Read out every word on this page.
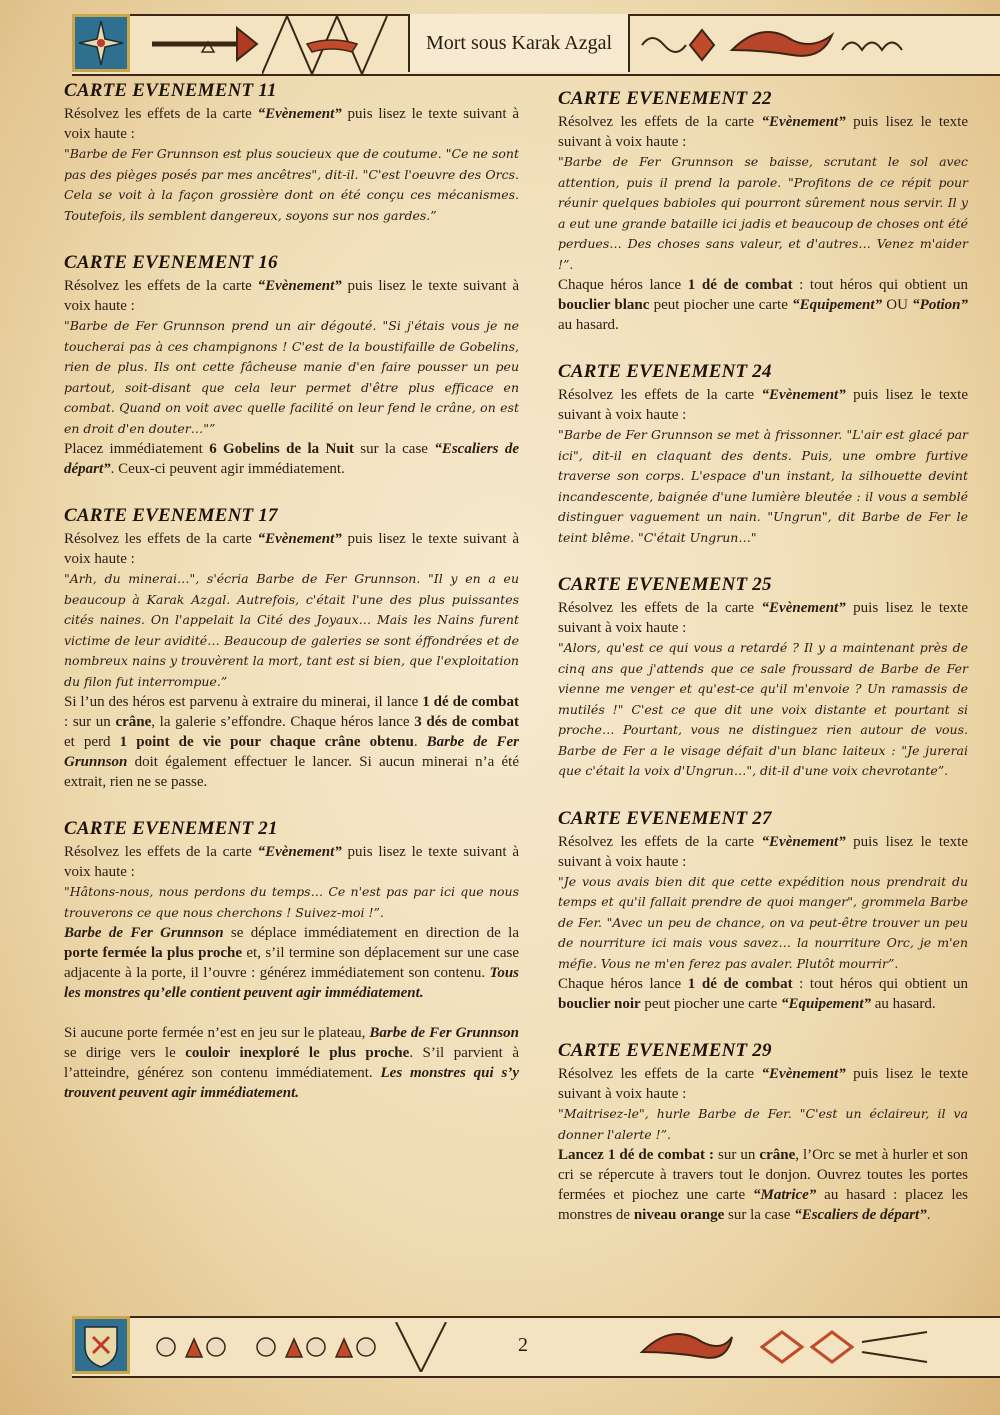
Mort sous Karak Azgal
CARTE EVENEMENT 11

Résolvez les effets de la carte “Evènement” puis lisez le texte suivant à voix haute :

"Barbe de Fer Grunnson est plus soucieux que de coutume. "Ce ne sont pas des pièges posés par mes ancêtres", dit-il. "C'est l'oeuvre des Orcs. Cela se voit à la façon grossière dont on été conçu ces mécanismes. Toutefois, ils semblent dangereux, soyons sur nos gardes.”

CARTE EVENEMENT 16

Résolvez les effets de la carte “Evènement” puis lisez le texte suivant à voix haute :

"Barbe de Fer Grunnson prend un air dégouté. "Si j'étais vous je ne toucherai pas à ces champignons ! C'est de la boustifaille de Gobelins, rien de plus. Ils ont cette fâcheuse manie d'en faire pousser un peu partout, soit-disant que cela leur permet d'être plus efficace en combat. Quand on voit avec quelle facilité on leur fend le crâne, on est en droit d'en douter…"”

Placez immédiatement 6 Gobelins de la Nuit sur la case “Escaliers de départ”. Ceux-ci peuvent agir immédiatement.

CARTE EVENEMENT 17

Résolvez les effets de la carte “Evènement” puis lisez le texte suivant à voix haute :

"Arh, du minerai…", s'écria Barbe de Fer Grunnson. "Il y en a eu beaucoup à Karak Azgal. Autrefois, c'était l'une des plus puissantes cités naines. On l'appelait la Cité des Joyaux… Mais les Nains furent victime de leur avidité… Beaucoup de galeries se sont éffondrées et de nombreux nains y trouvèrent la mort, tant est si bien, que l'exploitation du filon fut interrompue.”

Si l’un des héros est parvenu à extraire du minerai, il lance 1 dé de combat : sur un crâne, la galerie s’effondre. Chaque héros lance 3 dés de combat et perd 1 point de vie pour chaque crâne obtenu. Barbe de Fer Grunnson doit également effectuer le lancer. Si aucun minerai n’a été extrait, rien ne se passe.

CARTE EVENEMENT 21

Résolvez les effets de la carte “Evènement” puis lisez le texte suivant à voix haute :

"Hâtons-nous, nous perdons du temps… Ce n'est pas par ici que nous trouverons ce que nous cherchons ! Suivez-moi !”.

Barbe de Fer Grunnson se déplace immédiatement en direction de la porte fermée la plus proche et, s’il termine son déplacement sur une case adjacente à la porte, il l’ouvre : générez immédiatement son contenu. Tous les monstres qu’elle contient peuvent agir immédiatement.

Si aucune porte fermée n’est en jeu sur le plateau, Barbe de Fer Grunnson se dirige vers le couloir inexploré le plus proche. S’il parvient à l’atteindre, générez son contenu immédiatement. Les monstres qui s’y trouvent peuvent agir immédiatement.

CARTE EVENEMENT 22

Résolvez les effets de la carte “Evènement” puis lisez le texte suivant à voix haute :

"Barbe de Fer Grunnson se baisse, scrutant le sol avec attention, puis il prend la parole. "Profitons de ce répit pour réunir quelques babioles qui pourront sûrement nous servir. Il y a eut une grande bataille ici jadis et beaucoup de choses ont été perdues… Des choses sans valeur, et d'autres… Venez m'aider !”.

Chaque héros lance 1 dé de combat : tout héros qui obtient un bouclier blanc peut piocher une carte “Equipement” OU “Potion” au hasard.

CARTE EVENEMENT 24

Résolvez les effets de la carte “Evènement” puis lisez le texte suivant à voix haute :

"Barbe de Fer Grunnson se met à frissonner. "L'air est glacé par ici", dit-il en claquant des dents. Puis, une ombre furtive traverse son corps. L'espace d'un instant, la silhouette devint incandescente, baignée d'une lumière bleutée : il vous a semblé distinguer vaguement un nain. "Ungrun", dit Barbe de Fer le teint blême. "C'était Ungrun…"

CARTE EVENEMENT 25

Résolvez les effets de la carte “Evènement” puis lisez le texte suivant à voix haute :

"Alors, qu'est ce qui vous a retardé ? Il y a maintenant près de cinq ans que j'attends que ce sale froussard de Barbe de Fer vienne me venger et qu'est-ce qu'il m'envoie ? Un ramassis de mutilés !" C'est ce que dit une voix distante et pourtant si proche… Pourtant, vous ne distinguez rien autour de vous. Barbe de Fer a le visage défait d'un blanc laiteux : "Je jurerai que c'était la voix d'Ungrun…", dit-il d'une voix chevrotante”.

CARTE EVENEMENT 27

Résolvez les effets de la carte “Evènement” puis lisez le texte suivant à voix haute :

"Je vous avais bien dit que cette expédition nous prendrait du temps et qu'il fallait prendre de quoi manger", grommela Barbe de Fer. "Avec un peu de chance, on va peut-être trouver un peu de nourriture ici mais vous savez… la nourriture Orc, je m'en méfie. Vous ne m'en ferez pas avaler. Plutôt mourrir”.

Chaque héros lance 1 dé de combat : tout héros qui obtient un bouclier noir peut piocher une carte “Equipement” au hasard.

CARTE EVENEMENT 29

Résolvez les effets de la carte “Evènement” puis lisez le texte suivant à voix haute :

"Maitrisez-le", hurle Barbe de Fer. "C'est un éclaireur, il va donner l'alerte !”.

Lancez 1 dé de combat : sur un crâne, l’Orc se met à hurler et son cri se répercute à travers tout le donjon. Ouvrez toutes les portes fermées et piochez une carte “Matrice” au hasard : placez les monstres de niveau orange sur la case “Escaliers de départ”.

2
